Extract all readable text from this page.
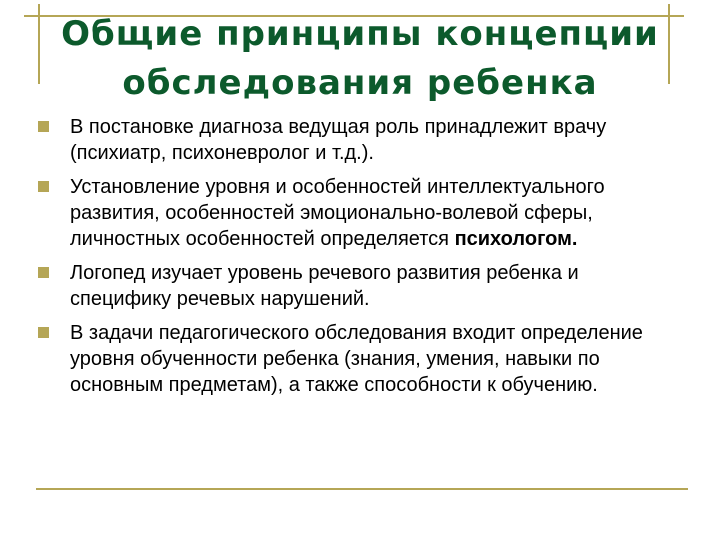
Общие принципы концепции обследования ребенка
В постановке диагноза ведущая роль принадлежит врачу (психиатр, психоневролог и т.д.).
Установление уровня и особенностей интеллектуального развития, особенностей эмоционально-волевой сферы, личностных особенностей определяется психологом.
Логопед изучает уровень речевого развития ребенка и специфику речевых нарушений.
В задачи педагогического обследования входит определение уровня обученности ребенка (знания, умения, навыки по основным предметам), а также способности к обучению.
